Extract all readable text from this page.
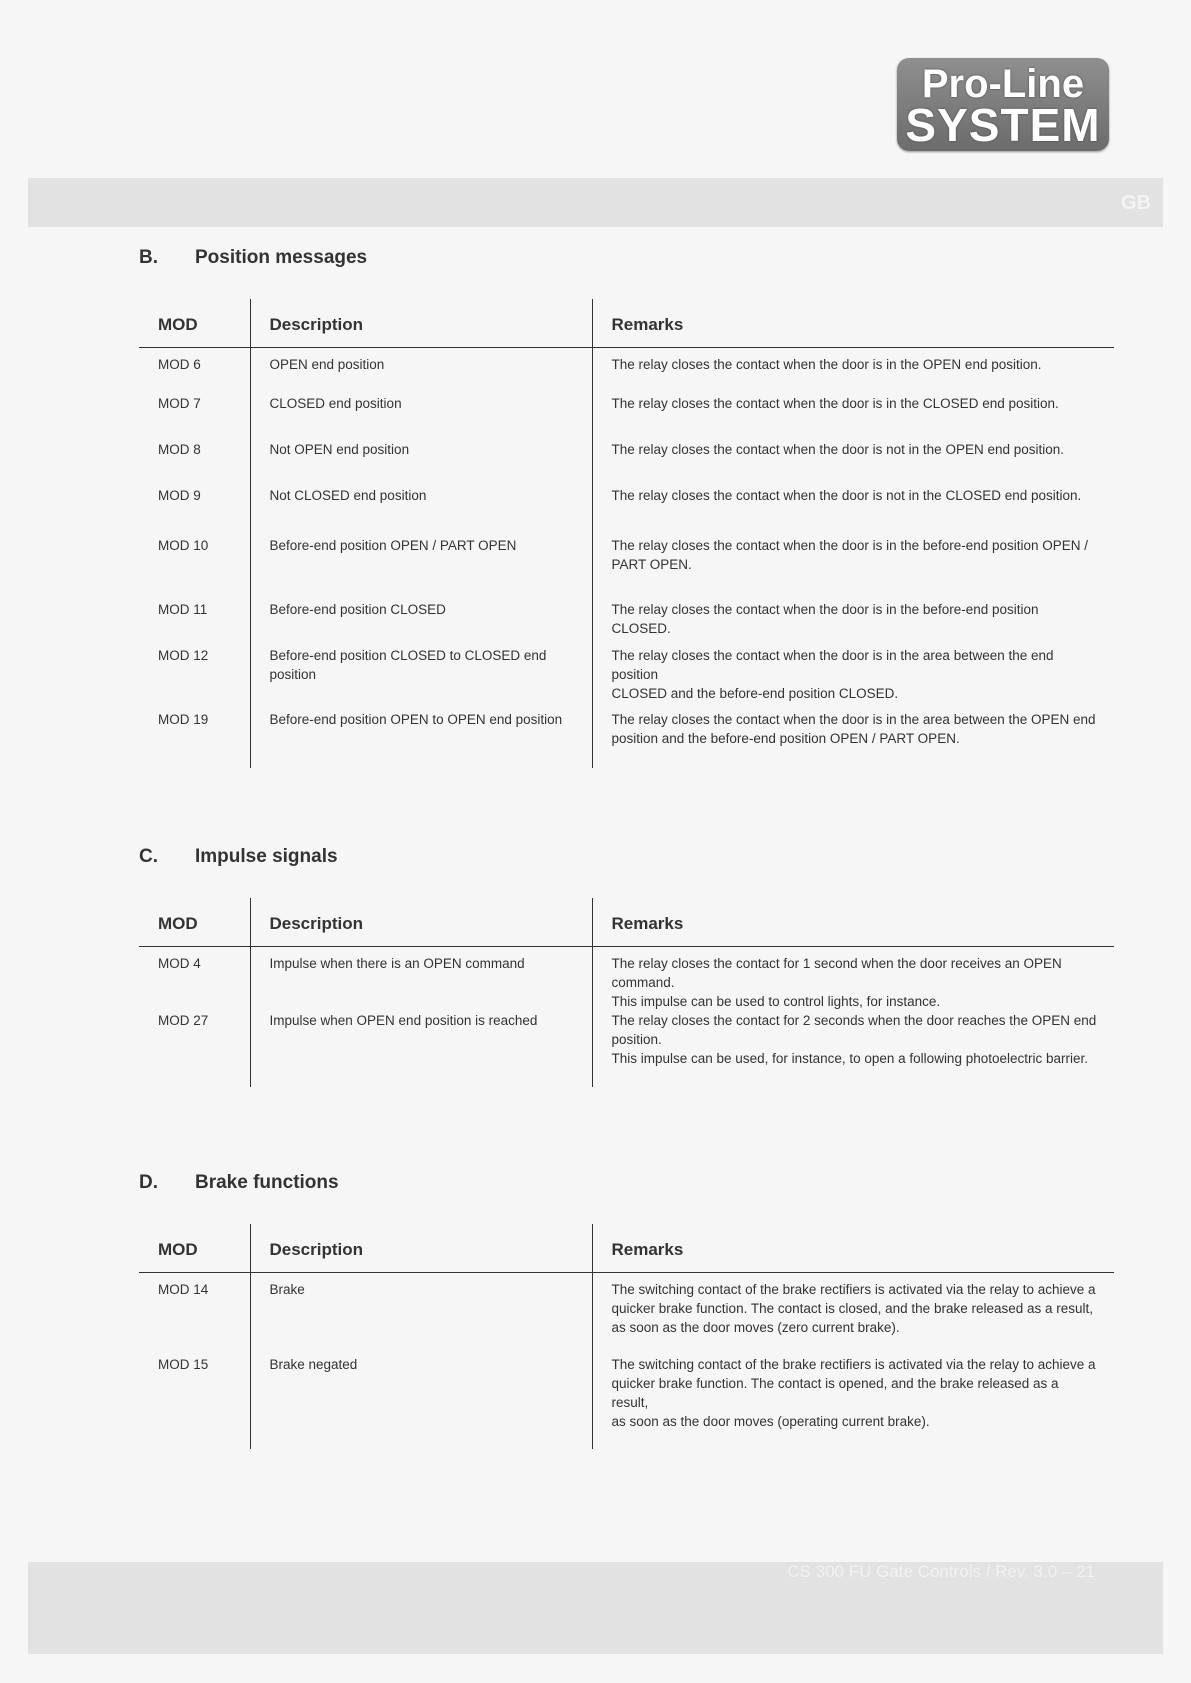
Pro-Line
SYSTEM
GB
B. Position messages
MOD	Description	Remarks
MOD 6	OPEN end position	The relay closes the contact when the door is in the OPEN end position.
MOD 7	CLOSED end position	The relay closes the contact when the door is in the CLOSED end position.
MOD 8	Not OPEN end position	The relay closes the contact when the door is not in the OPEN end position.
MOD 9	Not CLOSED end position	The relay closes the contact when the door is not in the CLOSED end position.
MOD 10	Before-end position OPEN / PART OPEN	The relay closes the contact when the door is in the before-end position OPEN /
PART OPEN.
MOD 11	Before-end position CLOSED	The relay closes the contact when the door is in the before-end position CLOSED.
MOD 12	Before-end position CLOSED to CLOSED end position	The relay closes the contact when the door is in the area between the end position
CLOSED and the before-end position CLOSED.
MOD 19	Before-end position OPEN to OPEN end position	The relay closes the contact when the door is in the area between the OPEN end
position and the before-end position OPEN / PART OPEN.
C. Impulse signals
MOD	Description	Remarks
MOD 4	Impulse when there is an OPEN command	The relay closes the contact for 1 second when the door receives an OPEN command.
This impulse can be used to control lights, for instance.
MOD 27	Impulse when OPEN end position is reached	The relay closes the contact for 2 seconds when the door reaches the OPEN end
position.
This impulse can be used, for instance, to open a following photoelectric barrier.
D. Brake functions
MOD	Description	Remarks
MOD 14	Brake	The switching contact of the brake rectifiers is activated via the relay to achieve a
quicker brake function. The contact is closed, and the brake released as a result,
as soon as the door moves (zero current brake).
MOD 15	Brake negated	The switching contact of the brake rectifiers is activated via the relay to achieve a
quicker brake function. The contact is opened, and the brake released as a result,
as soon as the door moves (operating current brake).
CS 300 FU Gate Controls / Rev. 3.0 – 21
